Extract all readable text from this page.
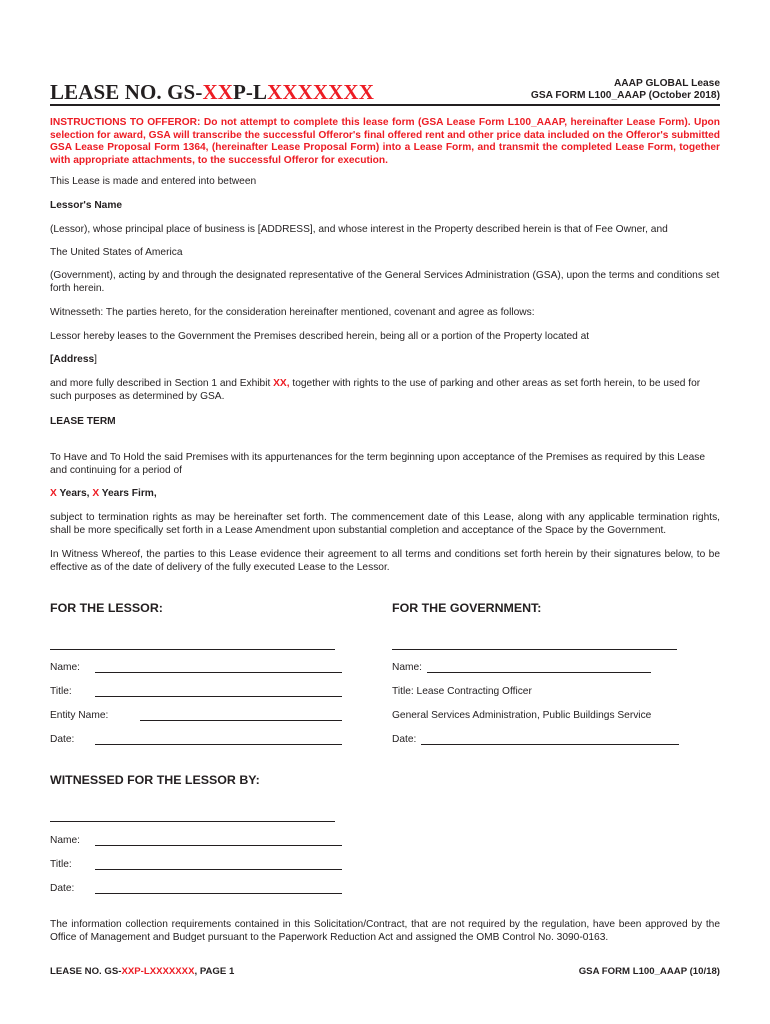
LEASE NO. GS-XXP-LXXXXXXX	AAAP GLOBAL Lease
GSA FORM L100_AAAP (October 2018)
INSTRUCTIONS TO OFFEROR: Do not attempt to complete this lease form (GSA Lease Form L100_AAAP, hereinafter Lease Form). Upon selection for award, GSA will transcribe the successful Offeror's final offered rent and other price data included on the Offeror's submitted GSA Lease Proposal Form 1364, (hereinafter Lease Proposal Form) into a Lease Form, and transmit the completed Lease Form, together with appropriate attachments, to the successful Offeror for execution.
This Lease is made and entered into between
Lessor's Name
(Lessor), whose principal place of business is [ADDRESS], and whose interest in the Property described herein is that of Fee Owner, and
The United States of America
(Government), acting by and through the designated representative of the General Services Administration (GSA), upon the terms and conditions set forth herein.
Witnesseth: The parties hereto, for the consideration hereinafter mentioned, covenant and agree as follows:
Lessor hereby leases to the Government the Premises described herein, being all or a portion of the Property located at
[Address]
and more fully described in Section 1 and Exhibit XX, together with rights to the use of parking and other areas as set forth herein, to be used for such purposes as determined by GSA.
LEASE TERM
To Have and To Hold the said Premises with its appurtenances for the term beginning upon acceptance of the Premises as required by this Lease and continuing for a period of
X Years, X Years Firm,
subject to termination rights as may be hereinafter set forth. The commencement date of this Lease, along with any applicable termination rights, shall be more specifically set forth in a Lease Amendment upon substantial completion and acceptance of the Space by the Government.
In Witness Whereof, the parties to this Lease evidence their agreement to all terms and conditions set forth herein by their signatures below, to be effective as of the date of delivery of the fully executed Lease to the Lessor.
FOR THE LESSOR:	FOR THE GOVERNMENT:
Name:	Name:
Title:	Title: Lease Contracting Officer
Entity Name:	General Services Administration, Public Buildings Service
Date:	Date:
WITNESSED FOR THE LESSOR BY:
Name:
Title:
Date:
The information collection requirements contained in this Solicitation/Contract, that are not required by the regulation, have been approved by the Office of Management and Budget pursuant to the Paperwork Reduction Act and assigned the OMB Control No. 3090-0163.
LEASE NO. GS-XXP-LXXXXXXX, PAGE 1	GSA FORM L100_AAAP (10/18)
